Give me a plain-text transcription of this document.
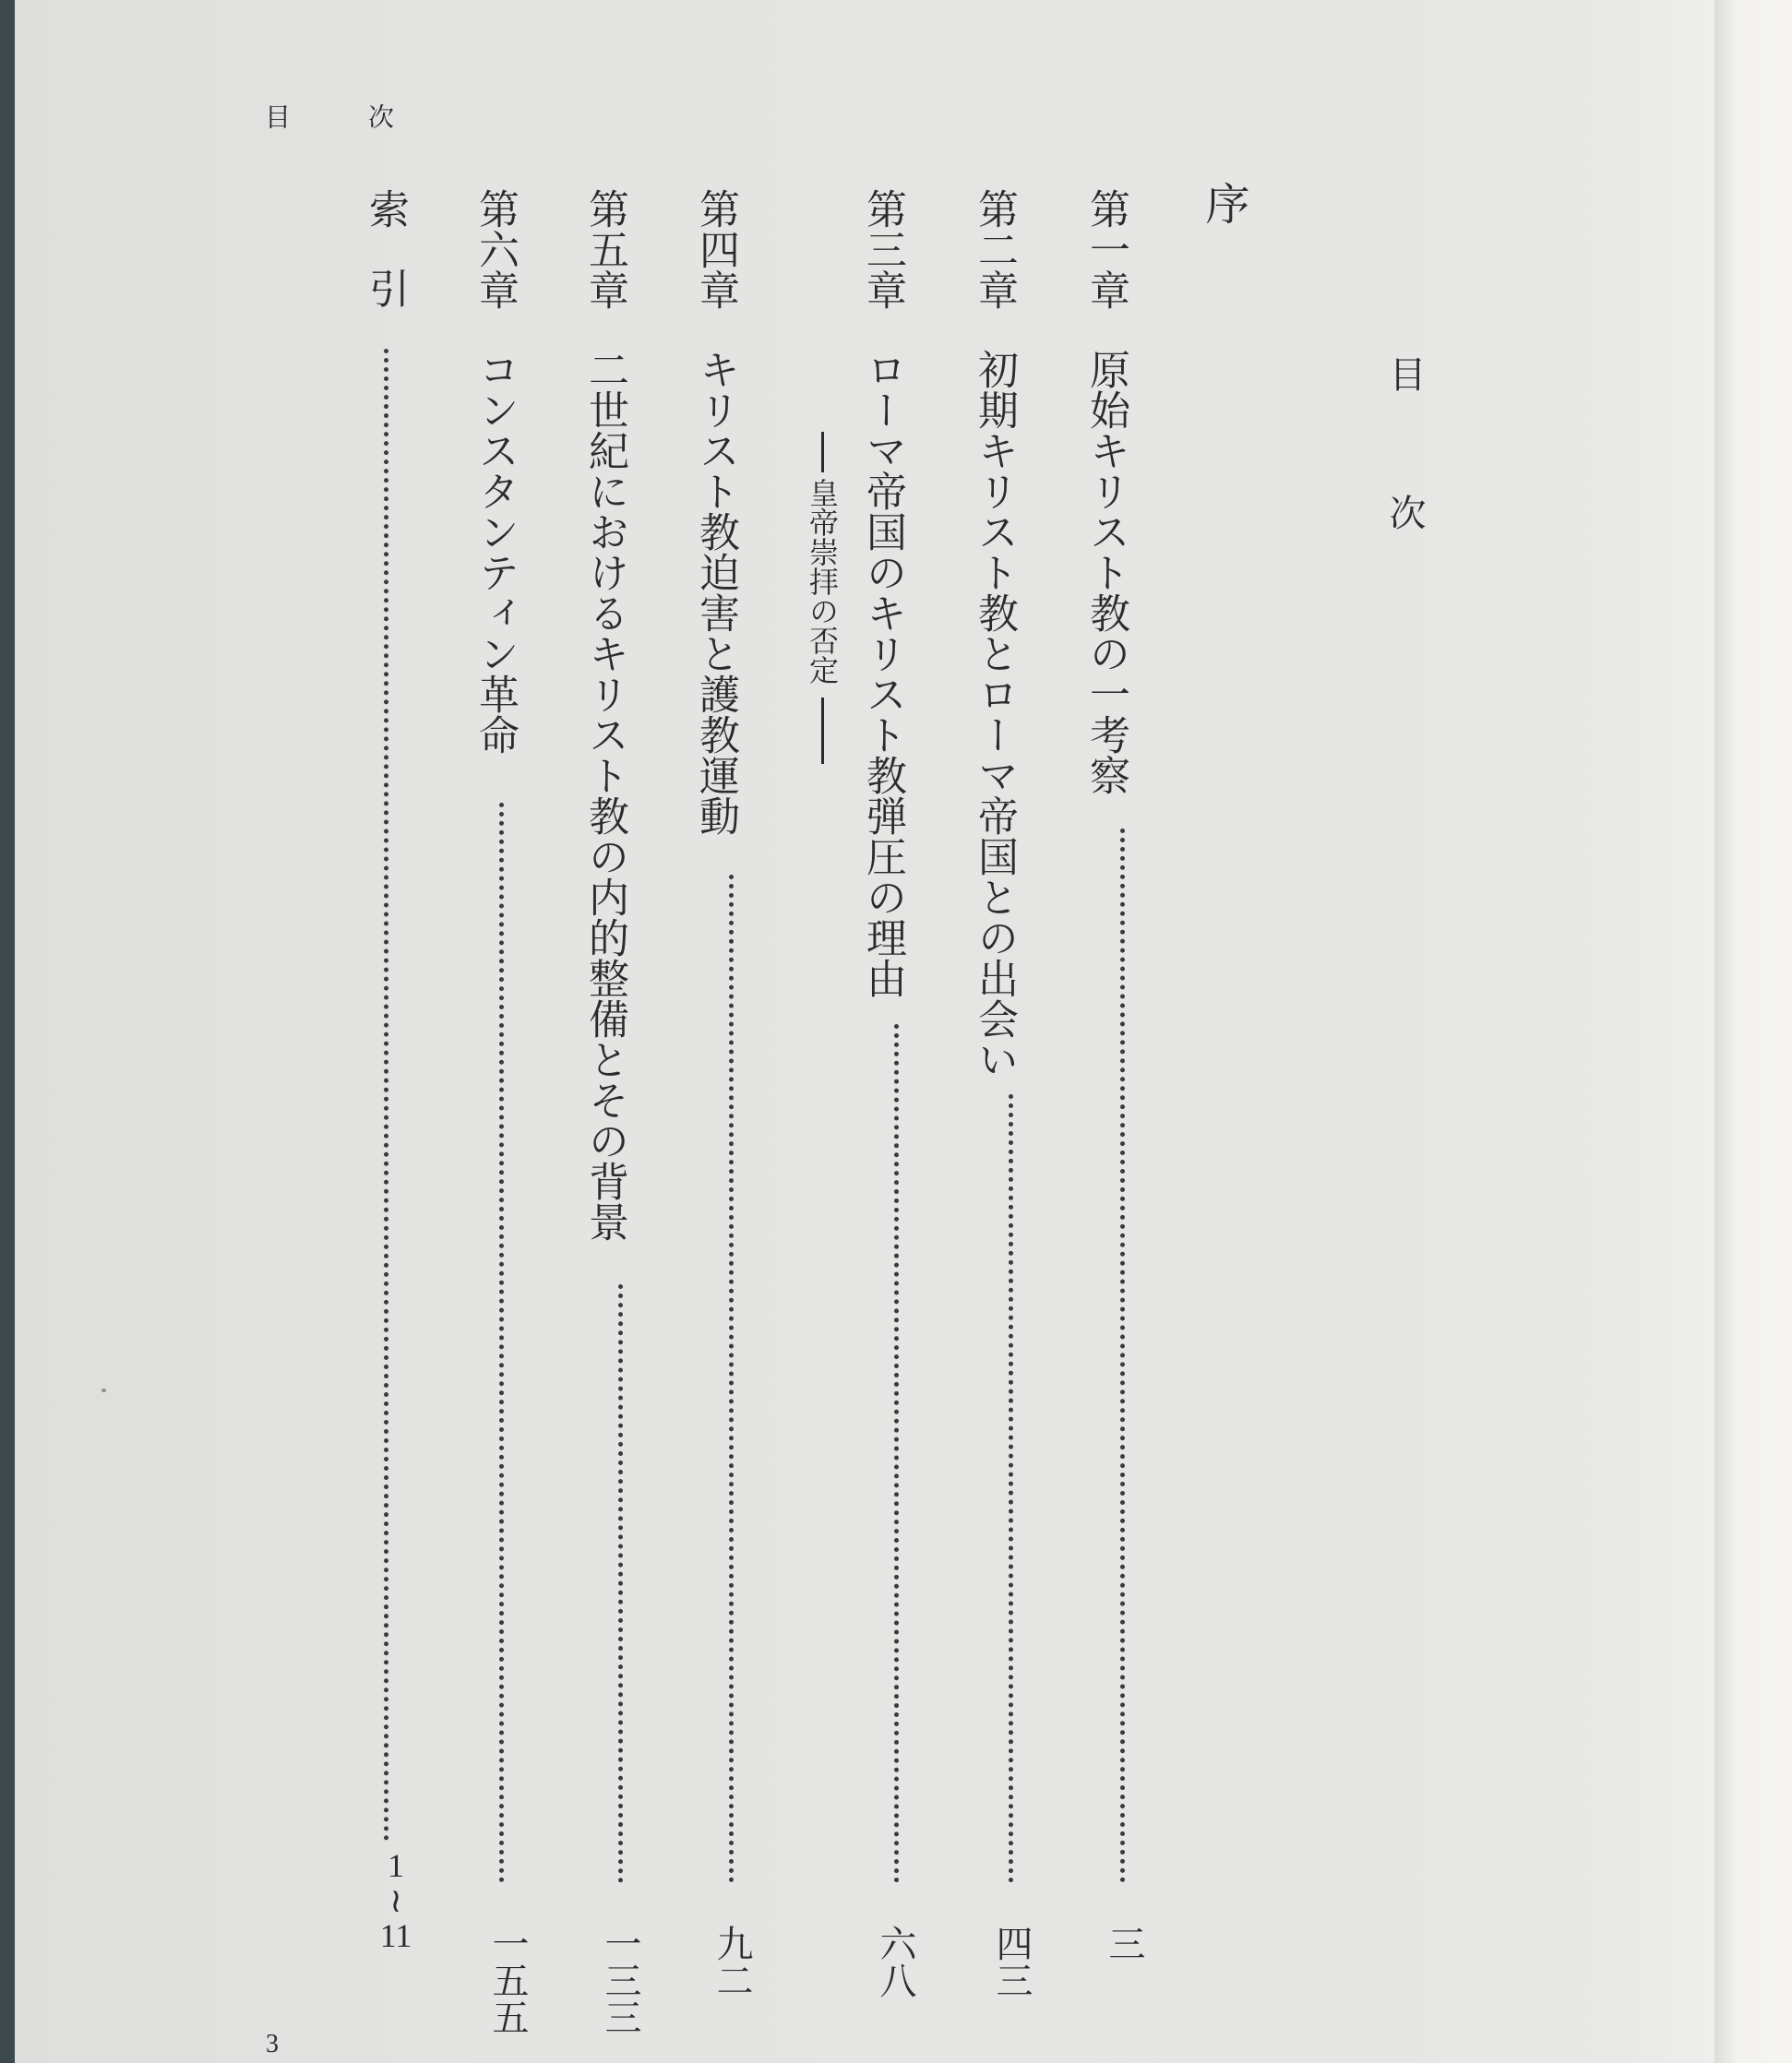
目	次
目次
序
第一章
原始キリスト教の一考察
三
第二章
初期キリスト教とローマ帝国との出会い
四三
第三章
ローマ帝国のキリスト教弾圧の理由
皇帝崇拝の否定
六八
第四章
キリスト教迫害と護教運動
九二
第五章
二世紀におけるキリスト教の内的整備とその背景
一三三
第六章
コンスタンティン革命
一五五
索引
1
≀
11
3
